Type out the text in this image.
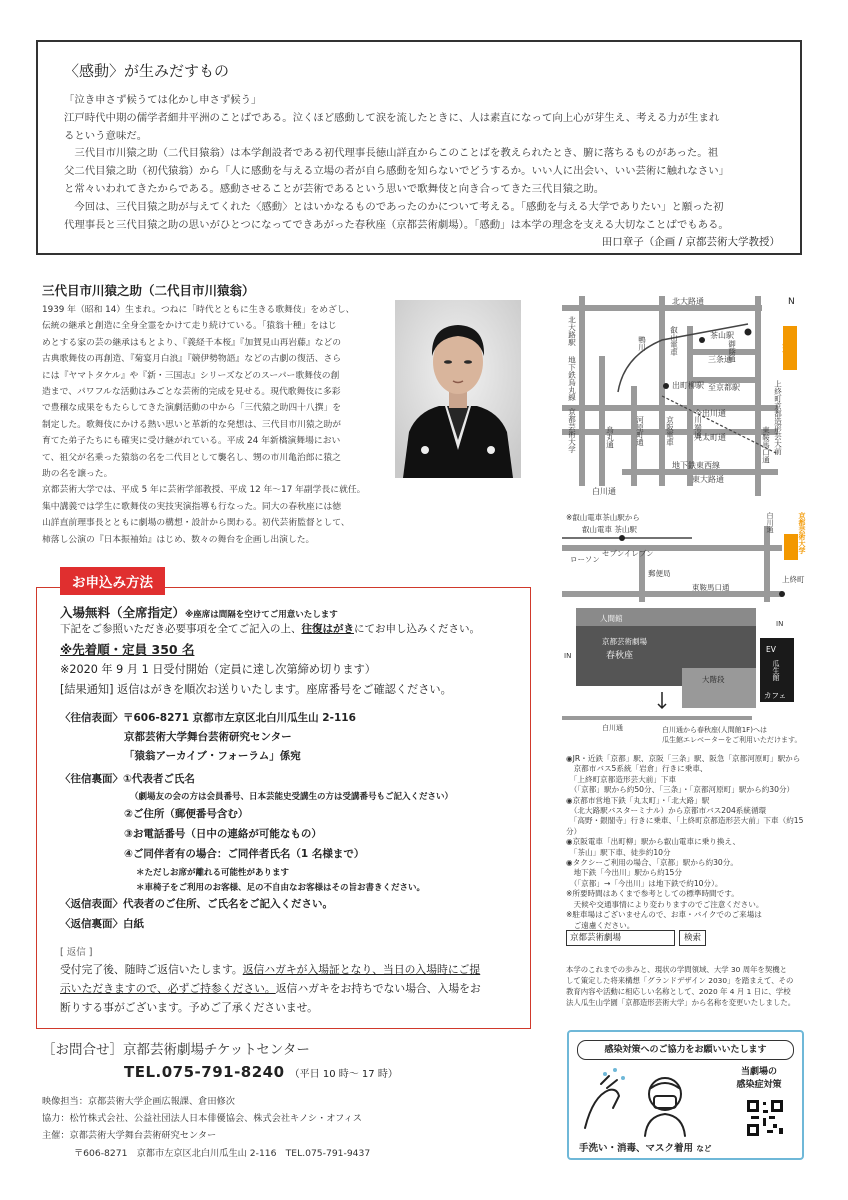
〈感動〉が生みだすもの

「泣き申さず候うては化かし申さず候う」

江戸時代中期の儒学者細井平洲のことばである。泣くほど感動して涙を流したときに、人は素直になって向上心が芽生え、考える力が生まれ

るという意味だ。

三代目市川猿之助（二代目猿翁）は本学創設者である初代理事長徳山詳直からこのことばを教えられたとき、腑に落ちるものがあった。祖

父二代目猿之助（初代猿翁）から「人に感動を与える立場の者が自ら感動を知らないでどうするか。いい人に出会い、いい芸術に触れなさい」

と常々いわれてきたからである。感動させることが芸術であるという思いで歌舞伎と向き合ってきた三代目猿之助。

今回は、三代目猿之助が与えてくれた〈感動〉とはいかなるものであったのかについて考える。「感動を与える大学でありたい」と願った初

代理事長と三代目猿之助の思いがひとつになってできあがった春秋座（京都芸術劇場）。「感動」は本学の理念を支える大切なことばでもある。

田口章子（企画 / 京都芸術大学教授）
三代目市川猿之助（二代目市川猿翁）

1939 年（昭和 14）生まれ。つねに「時代とともに生きる歌舞伎」をめざし、

伝統の継承と創造に全身全霊をかけて走り続けている。「猿翁十種」をはじ

めとする家の芸の継承はもとより、『義経千本桜』『加賀見山再岩藤』などの

古典歌舞伎の再創造、『菊宴月白浪』『競伊勢物語』などの古劇の復活、さら

には『ヤマトタケル』や『新・三国志』シリーズなどのスーパー歌舞伎の創

造まで、パワフルな活動はみごとな芸術的完成を見せる。現代歌舞伎に多彩

で豊穣な成果をもたらしてきた演劇活動の中から「三代猿之助四十八撰」を

制定した。歌舞伎にかける熱い思いと革新的な発想は、三代目市川猿之助が

育てた弟子たちにも確実に受け継がれている。平成 24 年新橋演舞場におい

て、祖父が名乗った猿翁の名を二代目として襲名し、甥の市川亀治郎に猿之

助の名を譲った。

京都芸術大学では、平成 5 年に芸術学部教授、平成 12 年〜17 年副学長に就任。

集中講義では学生に歌舞伎の実技実演指導も行なった。同大の春秋座には徳

山詳直前理事長とともに劇場の構想・設計から関わる。初代芸術監督として、

柿落し公演の『日本振袖始』はじめ、数々の舞台を企画し出演した。

お申込み方法
入場無料（全席指定）※座席は間隔を空けてご用意いたします
下記をご参照いただき必要事項を全てご記入の上、往復はがきにてお申し込みください。
※先着順・定員 350 名
※2020 年 9 月 1 日受付開始（定員に達し次第締め切ります）
[結果通知] 返信はがきを順次お送りいたします。座席番号をご確認ください。
〈往信表面〉〒606-8271 京都市左京区北白川瓜生山 2-116
京都芸術大学舞台芸術研究センター
「猿翁アーカイブ・フォーラム」係宛
〈往信裏面〉①代表者ご氏名
（劇場友の会の方は会員番号、日本芸能史受講生の方は受講番号もご記入ください）
②ご住所（郵便番号含む）
③お電話番号（日中の連絡が可能なもの）
④ご同伴者有の場合：ご同伴者氏名（1 名様まで）
＊ただしお席が離れる可能性があります
＊車椅子をご利用のお客様、足の不自由なお客様はその旨お書きください。
〈返信表面〉代表者のご住所、ご氏名をご記入ください。
〈返信裏面〉白紙
[ 返信 ]
受付完了後、随時ご返信いたします。返信ハガキが入場証となり、当日の入場時にご提
示いただきますので、必ずご持参ください。返信ハガキをお持ちでない場合、入場をお
断りする事がございます。予めご了承くださいませ。
［お問合せ］京都芸術劇場チケットセンター
TEL.075-791-8240 （平日 10 時〜 17 時）

映像担当：京都芸術大学企画広報課、倉田修次

協力：松竹株式会社、公益社団法人日本俳優協会、株式会社キノシ・オフィス

主催：京都芸術大学舞台芸術研究センター

〒606-8271　京都市左京区北白川瓜生山 2-116　TEL.075-791-9437

N
北大路通
茶山駅
三条通
至京都駅
今出川通
丸太町通
地下鉄東西線
東大路通
白川通
出町柳駅
北大路駅
地下鉄烏丸線
烏丸通	河原町通	京阪電車	川端通	東鞍馬口通
御蔭通	白川通
上終町京都造形芸大前
京都芸術大学
叡山電車
鴨川
※叡山電車茶山駅から
叡山電車 茶山駅
ローソン
セブンイレブン
郵便局
東鞍馬口通
上終町
白川通	京都芸術大学
人間館
京都芸術劇場
春秋座
大階段
EV
カフェ
瓜生館
白川通	白川通から春秋座(人間館1F)へは
瓜生館エレベーターをご利用いただけます。
IN
IN

◉JR・近鉄「京都」駅、京阪「三条」駅、阪急「京都河原町」駅から

　京都市バス5系統「岩倉」行きに乗車、

　「上終町京都造形芸大前」下車

　（「京都」駅から約50分、「三条」・「京都河原町」駅から約30分）

◉京都市営地下鉄「丸太町」・「北大路」駅

　（北大路駅バスターミナル）から京都市バス204系統循環

　「高野・銀閣寺」行きに乗車、「上終町京都造形芸大前」下車（約15分）

◉京阪電車「出町柳」駅から叡山電車に乗り換え、

　「茶山」駅下車、徒歩約10分

◉タクシーご利用の場合、「京都」駅から約30分。

　地下鉄「今出川」駅から約15分

　（「京都」→「今出川」は地下鉄で約10分）。

※所要時間はあくまで参考としての標準時間です。

　天候や交通事情により変わりますのでご注意ください。

※駐車場はございませんので、お車・バイクでのご来場は

　ご遠慮ください。

京都芸術劇場	検索
本学のこれまでの歩みと、現状の学問領域、大学 30 周年を契機と
して策定した将来構想「グランドデザイン 2030」を踏まえて、その
教育内容や活動に相応しい名称として、2020 年 4 月 1 日に、学校
法人瓜生山学園「京都造形芸術大学」から名称を変更いたしました。
感染対策へのご協力をお願いいたします
当劇場の
感染症対策
手洗い・消毒、マスク着用 など
